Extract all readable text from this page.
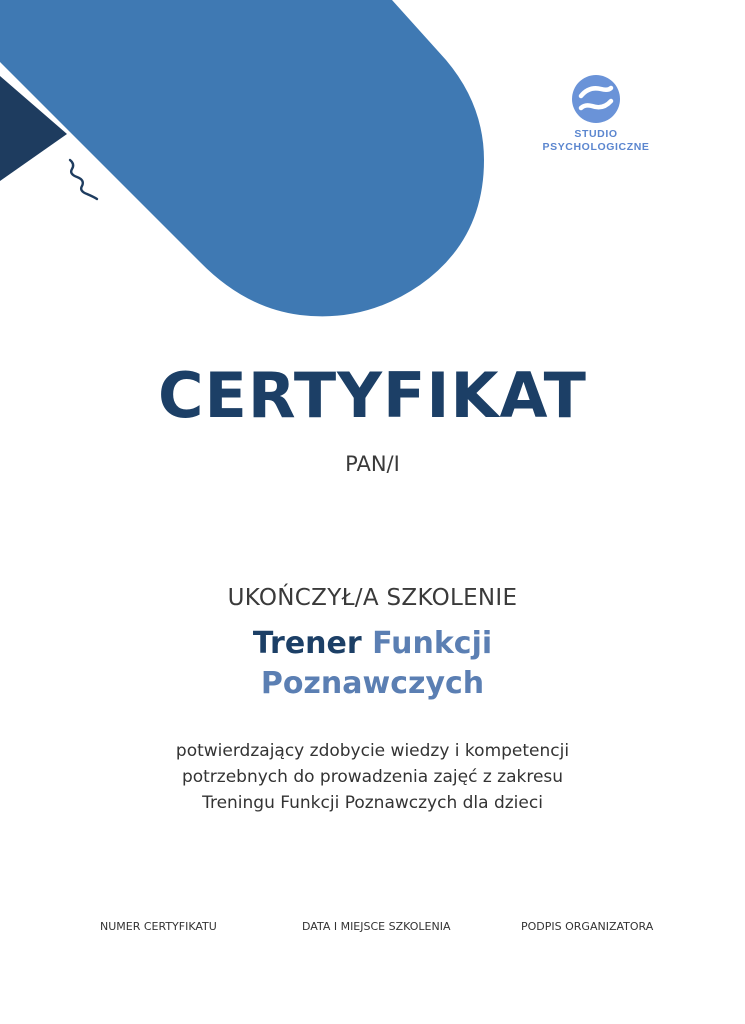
STUDIO
PSYCHOLOGICZNE
CERTYFIKAT
PAN/I
UKOŃCZYŁ/A SZKOLENIE
Trener Funkcji
Poznawczych
potwierdzający zdobycie wiedzy i kompetencji
potrzebnych do prowadzenia zajęć z zakresu
Treningu Funkcji Poznawczych dla dzieci
NUMER CERTYFIKATU	DATA I MIEJSCE SZKOLENIA	PODPIS ORGANIZATORA
